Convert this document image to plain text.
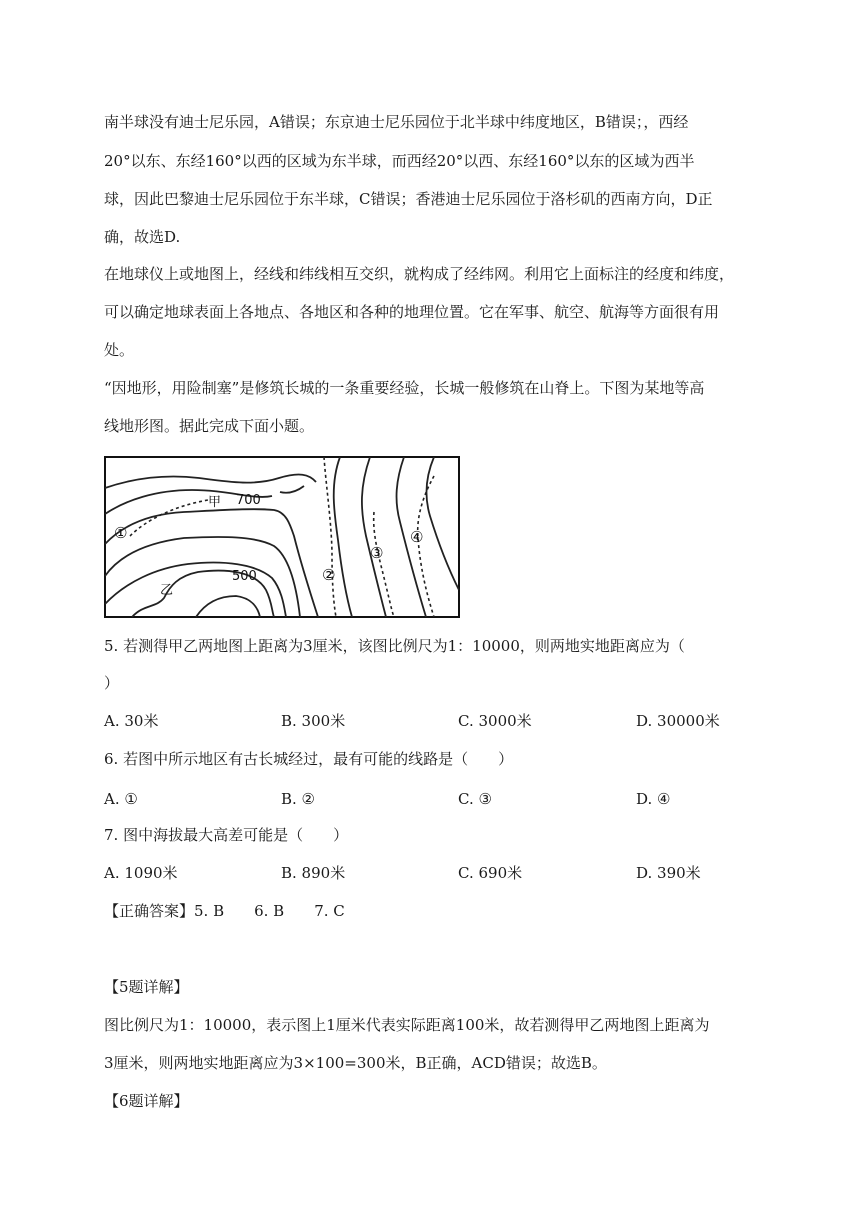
南半球没有迪士尼乐园，A错误；东京迪士尼乐园位于北半球中纬度地区，B错误；，西经
20°以东、东经160°以西的区域为东半球，而西经20°以西、东经160°以东的区域为西半
球，因此巴黎迪士尼乐园位于东半球，C错误；香港迪士尼乐园位于洛杉矶的西南方向，D正
确，故选D.
在地球仪上或地图上，经线和纬线相互交织，就构成了经纬网。利用它上面标注的经度和纬度，
可以确定地球表面上各地点、各地区和各种的地理位置。它在军事、航空、航海等方面很有用
处。
“因地形，用险制塞”是修筑长城的一条重要经验，长城一般修筑在山脊上。下图为某地等高
线地形图。据此完成下面小题。
甲 700
500
乙
①
②
③
④
5. 若测得甲乙两地图上距离为3厘米，该图比例尺为1：10000，则两地实地距离应为（
）
A. 30米	B. 300米	C. 3000米	D. 30000米
6. 若图中所示地区有古长城经过，最有可能的线路是（　　）
A. ①	B. ②	C. ③	D. ④
7. 图中海拔最大高差可能是（　　）
A. 1090米	B. 890米	C. 690米	D. 390米
【正确答案】5. B　　6. B　　7. C
【5题详解】
图比例尺为1：10000，表示图上1厘米代表实际距离100米，故若测得甲乙两地图上距离为
3厘米，则两地实地距离应为3×100=300米，B正确，ACD错误；故选B。
【6题详解】
